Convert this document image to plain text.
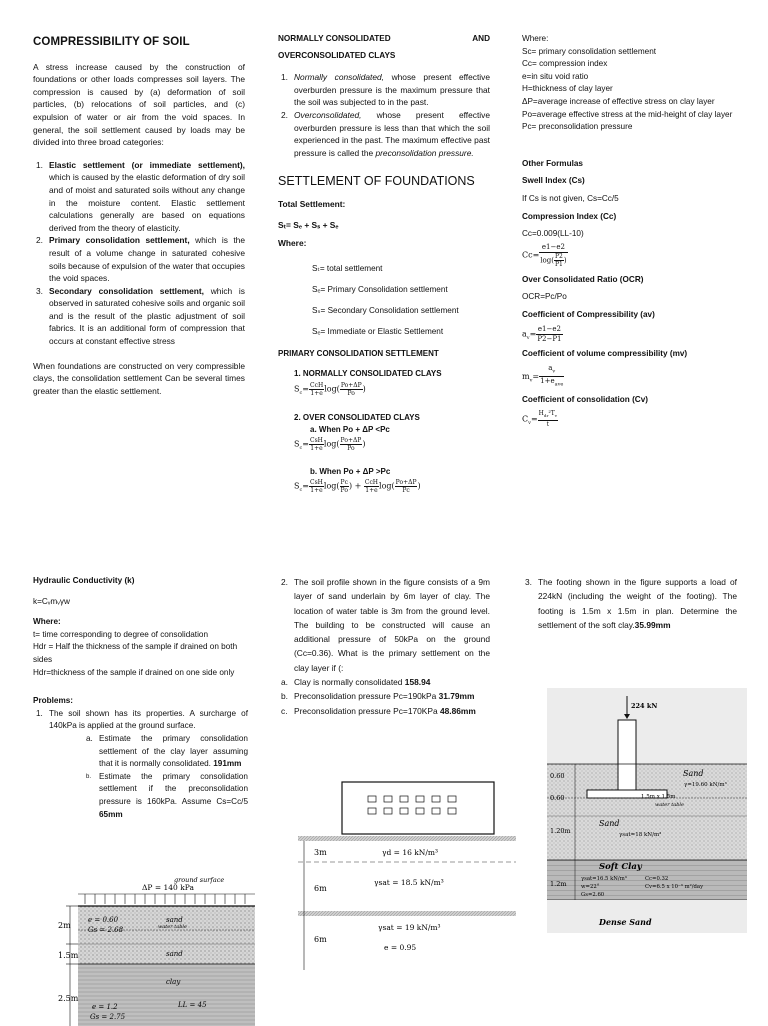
COMPRESSIBILITY OF SOIL

A stress increase caused by the construction of foundations or other loads compresses soil layers. The compression is caused by (a) deformation of soil particles, (b) relocations of soil particles, and (c) expulsion of water or air from the void spaces. In general, the soil settlement caused by loads may be divided into three broad categories:

1. Elastic settlement (or immediate settlement), which is caused by the elastic deformation of dry soil and of moist and saturated soils without any change in the moisture content. Elastic settlement calculations generally are based on equations derived from the theory of elasticity.
2. Primary consolidation settlement, which is the result of a volume change in saturated cohesive soils because of expulsion of the water that occupies the void spaces.
3. Secondary consolidation settlement, which is observed in saturated cohesive soils and organic soil and is the result of the plastic adjustment of soil fabrics. It is an additional form of compression that occurs at constant effective stress

When foundations are constructed on very compressible clays, the consolidation settlement Can be several times greater than the elastic settlement.

NORMALLY CONSOLIDATED	AND
OVERCONSOLIDATED CLAYS
1. Normally consolidated, whose present effective overburden pressure is the maximum pressure that the soil was subjected to in the past.
2. Overconsolidated, whose present effective overburden pressure is less than that which the soil experienced in the past. The maximum effective past pressure is called the preconsolidation pressure.
SETTLEMENT OF FOUNDATIONS
Total Settlement:
Sₜ= Sₑ + Sₛ + Sₑ
Where:
Sₜ= total settlement
Sₑ= Primary Consolidation settlement
Sₛ= Secondary Consolidation settlement
Sₑ= Immediate or Elastic Settlement
PRIMARY CONSOLIDATION SETTLEMENT
1. NORMALLY CONSOLIDATED CLAYS
$S_c= \frac{\text{CcH}}{1+e} \log( \frac{Po+\Delta P}{Po}$ )
2. OVER CONSOLIDATED CLAYS
a. When Po + ΔP <Pc
$S_c= \frac{\text{CsH}}{1+e} \log( \frac{Po+\Delta P}{Po}$ )
b. When Po + ΔP >Pc
$S_c= \frac{\text{CsH}}{1+e} \log( \frac{Pc}{Po}$ ) + $\frac{\text{CcH}}{1+e} \log( \frac{Po+\Delta P}{Pc}$ )
Where:
Sc= primary consolidation settlement
Cc= compression index
e=in situ void ratio
H=thickness of clay layer
ΔP=average increase of effective stress on clay layer
Po=average effective stress at the mid-height of clay layer
Pc= preconsolidation pressure
Other Formulas
Swell Index (Cs)
If Cs is not given, Cs=Cc/5
Compression Index (Cc)
Cc=0.009(LL-10)
$Cc= \frac{e1-e2}{\log( \frac{P2}{P1} )}$
Over Consolidated Ratio (OCR)
OCR=Pc/Po
Coefficient of Compressibility (av)
$a_v= \frac{e1-e2}{P2-P1}$
Coefficient of volume compressibility (mv)
$m_v= \frac{a_v}{1+e_{ave}}$
Coefficient of consolidation (Cv)
$C_v= \frac{H_{dr}^2T_v}{t}$
Hydraulic Conductivity (k)
k=Cᵥmᵥγw
Where:
t= time corresponding to degree of consolidation
Hdr = Half the thickness of the sample if drained on both sides
Hdr=thickness of the sample if drained on one side only
Problems:
1. The soil shown has its properties. A surcharge of 140kPa is applied at the ground surface.
a. Estimate the primary consolidation settlement of the clay layer assuming that it is normally consolidated. 191mm
b. Estimate the primary consolidation settlement if the preconsolidation pressure is 160kPa. Assume Cs=Cc/5 65mm
2. The soil profile shown in the figure consists of a 9m layer of sand underlain by 6m layer of clay. The location of water table is 3m from the ground level. The building to be constructed will cause an additional pressure of 50kPa on the ground (Cc=0.36). What is the primary settlement on the clay layer if (:
a. Clay is normally consolidated 158.94
b. Preconsolidation pressure Pc=190kPa 31.79mm
c. Preconsolidation pressure Pc=170KPa 48.86mm
3. The footing shown in the figure supports a load of 224kN (including the weight of the footing). The footing is 1.5m x 1.5m in plan. Determine the settlement of the soft clay.35.99mm
ground surface
ΔP = 140 kPa
2m
1.5m
2.5m
e = 0.60
Gs = 2.68
sand
water table
sand
clay
e = 1.2
Gs = 2.75
LL = 45
3m
6m
6m
γd = 16 kN/m³
γsat = 18.5 kN/m³
γsat = 19 kN/m³
e = 0.95
224 kN
0.60
0.60
1.20m
1.2m
Sand
γ=19.60 kN/m³
1.5m x 1.5m
water table
Sand
γsat=18 kN/m³
Soft Clay
γsat=16.5 kN/m³
w=22°
Gs=2.60
Cc=0.32
Cv=6.5 x 10⁻³ m²/day
Dense Sand
